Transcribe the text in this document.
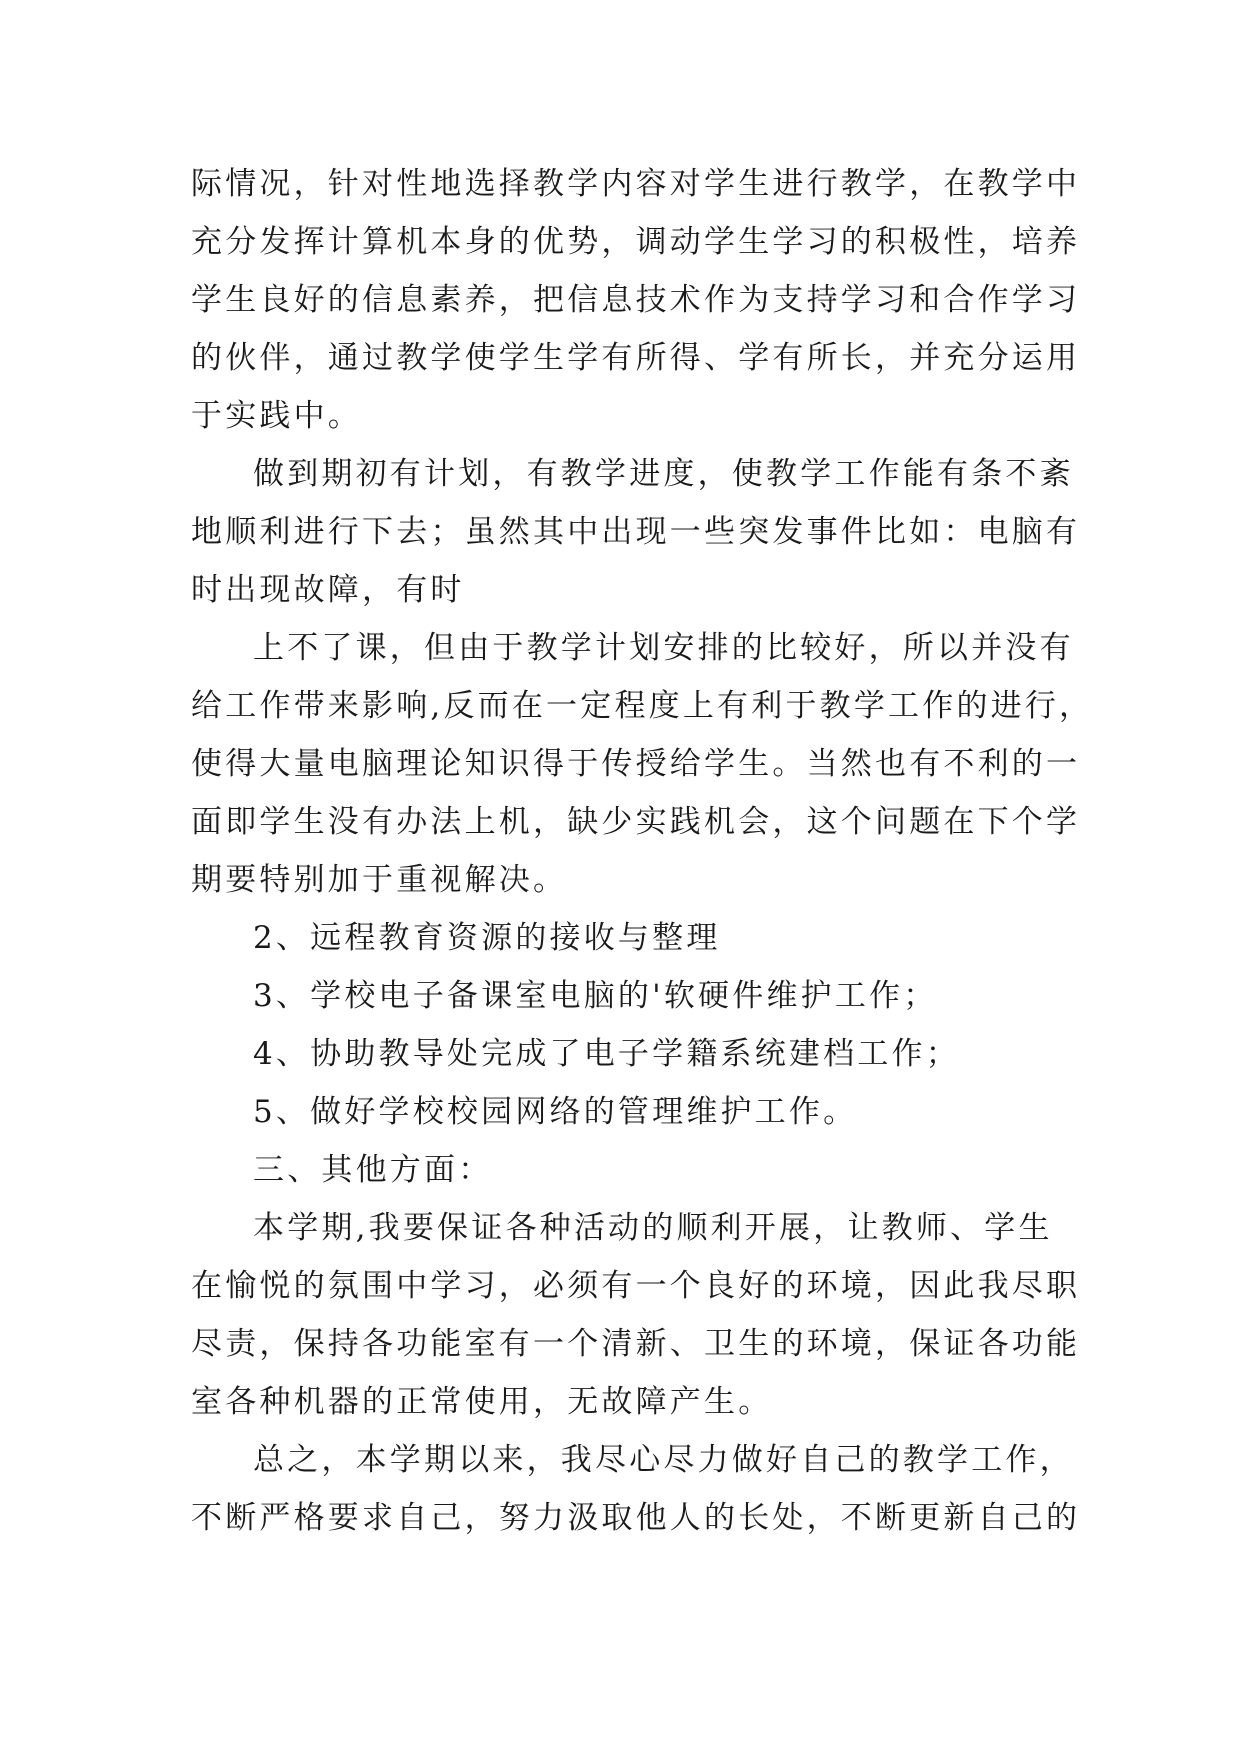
际情况，针对性地选择教学内容对学生进行教学，在教学中
充分发挥计算机本身的优势，调动学生学习的积极性，培养
学生良好的信息素养，把信息技术作为支持学习和合作学习
的伙伴，通过教学使学生学有所得、学有所长，并充分运用
于实践中。
做到期初有计划，有教学进度，使教学工作能有条不紊
地顺利进行下去；虽然其中出现一些突发事件比如：电脑有
时出现故障，有时
上不了课，但由于教学计划安排的比较好，所以并没有
给工作带来影响,反而在一定程度上有利于教学工作的进行，
使得大量电脑理论知识得于传授给学生。当然也有不利的一
面即学生没有办法上机，缺少实践机会，这个问题在下个学
期要特别加于重视解决。
2、远程教育资源的接收与整理
3、学校电子备课室电脑的'软硬件维护工作；
4、协助教导处完成了电子学籍系统建档工作；
5、做好学校校园网络的管理维护工作。
三、其他方面：
本学期,我要保证各种活动的顺利开展，让教师、学生
在愉悦的氛围中学习，必须有一个良好的环境，因此我尽职
尽责，保持各功能室有一个清新、卫生的环境，保证各功能
室各种机器的正常使用，无故障产生。
总之，本学期以来，我尽心尽力做好自己的教学工作，
不断严格要求自己，努力汲取他人的长处，不断更新自己的
